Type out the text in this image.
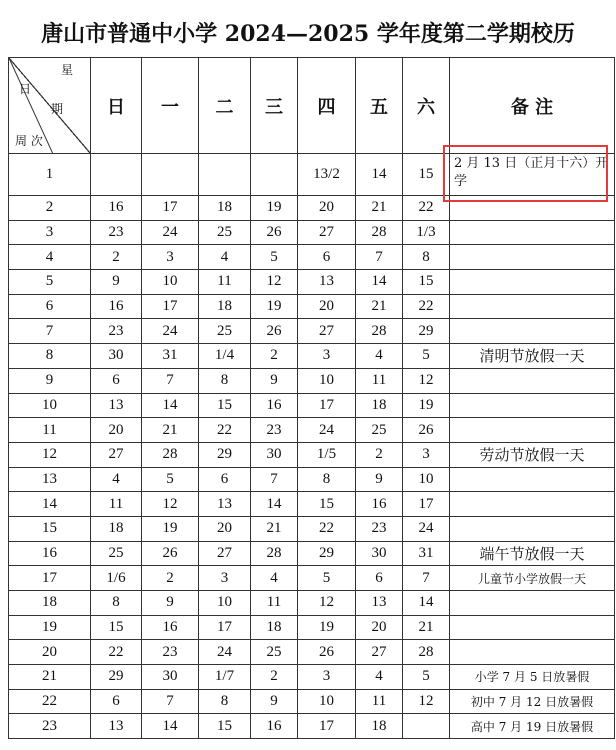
唐山市普通中小学 2024—2025 学年度第二学期校历
星
日
期
周 次	日	一	二	三	四	五	六	备 注
1					13/2	14	15	2 月 13 日（正月十六）开学
2	16	17	18	19	20	21	22	
3	23	24	25	26	27	28	1/3	
4	2	3	4	5	6	7	8	
5	9	10	11	12	13	14	15	
6	16	17	18	19	20	21	22	
7	23	24	25	26	27	28	29	
8	30	31	1/4	2	3	4	5	清明节放假一天
9	6	7	8	9	10	11	12	
10	13	14	15	16	17	18	19	
11	20	21	22	23	24	25	26	
12	27	28	29	30	1/5	2	3	劳动节放假一天
13	4	5	6	7	8	9	10	
14	11	12	13	14	15	16	17	
15	18	19	20	21	22	23	24	
16	25	26	27	28	29	30	31	端午节放假一天
17	1/6	2	3	4	5	6	7	儿童节小学放假一天
18	8	9	10	11	12	13	14	
19	15	16	17	18	19	20	21	
20	22	23	24	25	26	27	28	
21	29	30	1/7	2	3	4	5	小学 7 月 5 日放暑假
22	6	7	8	9	10	11	12	初中 7 月 12 日放暑假
23	13	14	15	16	17	18		高中 7 月 19 日放暑假
